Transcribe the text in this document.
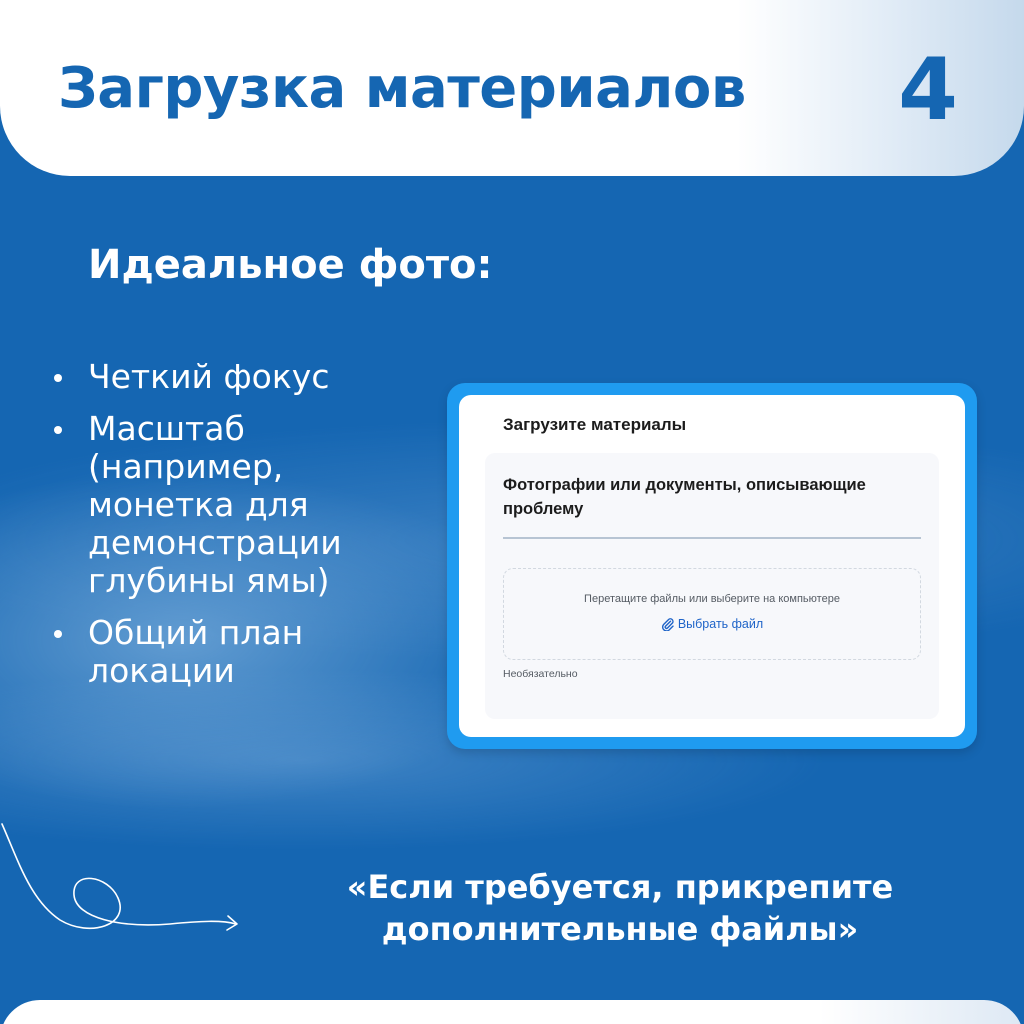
Загрузка материалов 4
Идеальное фото:
Четкий фокус
Масштаб (например, монетка для демонстрации глубины ямы)
Общий план локации
Загрузите материалы
Фотографии или документы, описывающие проблему
Перетащите файлы или выберите на компьютере
Выбрать файл
Необязательно
«Если требуется, прикрепите дополнительные файлы»
